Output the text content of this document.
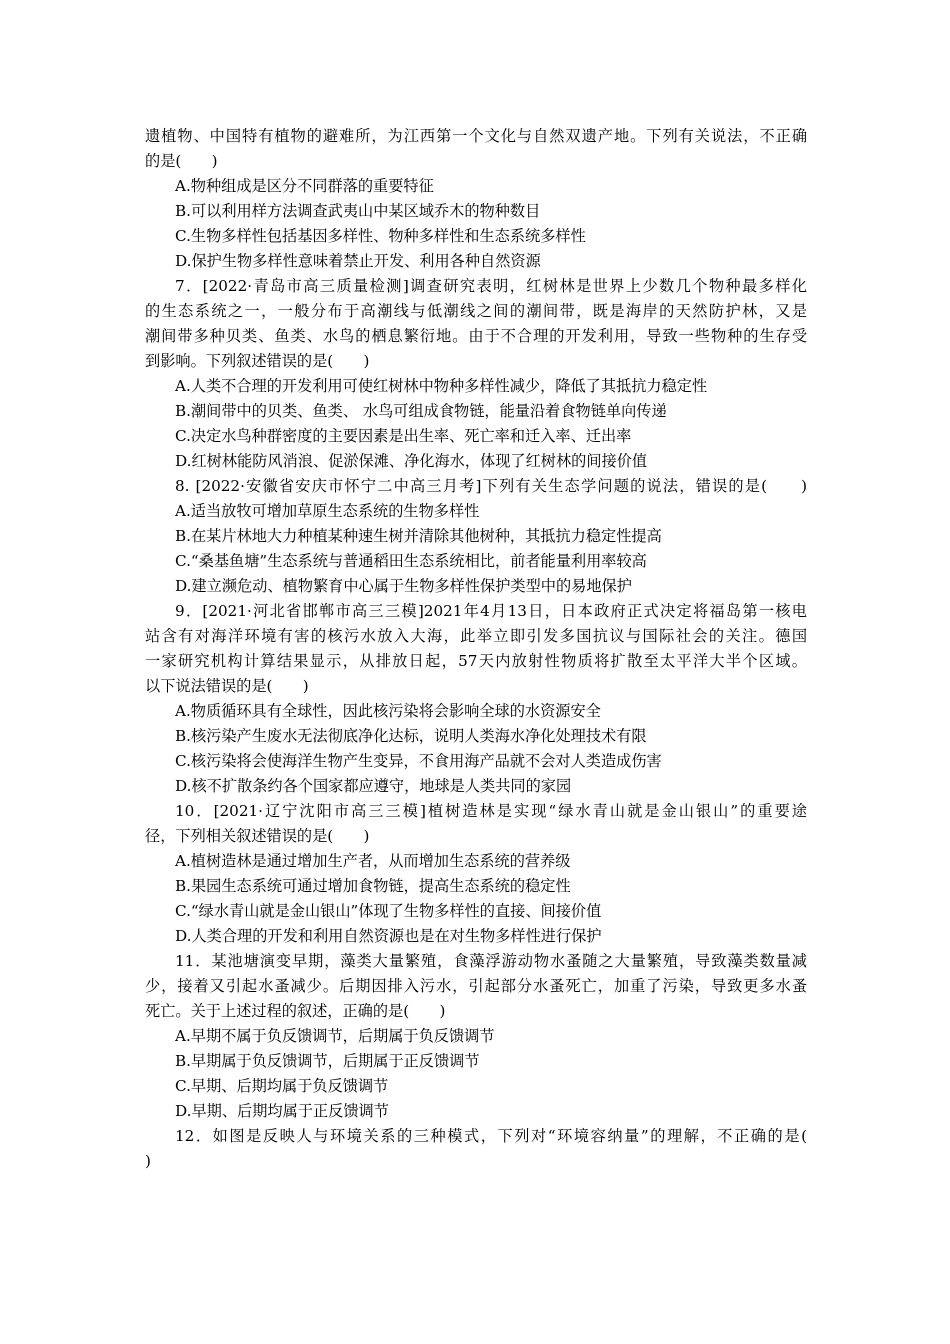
遗植物、中国特有植物的避难所，为江西第一个文化与自然双遗产地。下列有关说法，不正确
的是(　　)
A.物种组成是区分不同群落的重要特征
B.可以利用样方法调查武夷山中某区域乔木的物种数目
C.生物多样性包括基因多样性、物种多样性和生态系统多样性
D.保护生物多样性意味着禁止开发、利用各种自然资源
7．[2022·青岛市高三质量检测]调查研究表明，红树林是世界上少数几个物种最多样化
的生态系统之一，一般分布于高潮线与低潮线之间的潮间带，既是海岸的天然防护林，又是
潮间带多种贝类、鱼类、水鸟的栖息繁衍地。由于不合理的开发利用，导致一些物种的生存受
到影响。下列叙述错误的是(　　)
A.人类不合理的开发利用可使红树林中物种多样性减少，降低了其抵抗力稳定性
B.潮间带中的贝类、鱼类、 水鸟可组成食物链，能量沿着食物链单向传递
C.决定水鸟种群密度的主要因素是出生率、死亡率和迁入率、迁出率
D.红树林能防风消浪、促淤保滩、净化海水，体现了红树林的间接价值
8. [2022·安徽省安庆市怀宁二中高三月考]下列有关生态学问题的说法，错误的是(　　)
A.适当放牧可增加草原生态系统的生物多样性
B.在某片林地大力种植某种速生树并清除其他树种，其抵抗力稳定性提高
C.“桑基鱼塘”生态系统与普通稻田生态系统相比，前者能量利用率较高
D.建立濒危动、植物繁育中心属于生物多样性保护类型中的易地保护
9．[2021·河北省邯郸市高三三模]2021年4月13日，日本政府正式决定将福岛第一核电
站含有对海洋环境有害的核污水放入大海，此举立即引发多国抗议与国际社会的关注。德国
一家研究机构计算结果显示，从排放日起，57天内放射性物质将扩散至太平洋大半个区域。
以下说法错误的是(　　)
A.物质循环具有全球性，因此核污染将会影响全球的水资源安全
B.核污染产生废水无法彻底净化达标，说明人类海水净化处理技术有限
C.核污染将会使海洋生物产生变异，不食用海产品就不会对人类造成伤害
D.核不扩散条约各个国家都应遵守，地球是人类共同的家园
10．[2021·辽宁沈阳市高三三模]植树造林是实现“绿水青山就是金山银山”的重要途
径，下列相关叙述错误的是(　　)
A.植树造林是通过增加生产者，从而增加生态系统的营养级
B.果园生态系统可通过增加食物链，提高生态系统的稳定性
C.“绿水青山就是金山银山”体现了生物多样性的直接、间接价值
D.人类合理的开发和利用自然资源也是在对生物多样性进行保护
11．某池塘演变早期，藻类大量繁殖，食藻浮游动物水蚤随之大量繁殖，导致藻类数量减
少，接着又引起水蚤减少。后期因排入污水，引起部分水蚤死亡，加重了污染，导致更多水蚤
死亡。关于上述过程的叙述，正确的是(　　)
A.早期不属于负反馈调节，后期属于负反馈调节
B.早期属于负反馈调节，后期属于正反馈调节
C.早期、后期均属于负反馈调节
D.早期、后期均属于正反馈调节
12．如图是反映人与环境关系的三种模式，下列对“环境容纳量”的理解，不正确的是(
)
